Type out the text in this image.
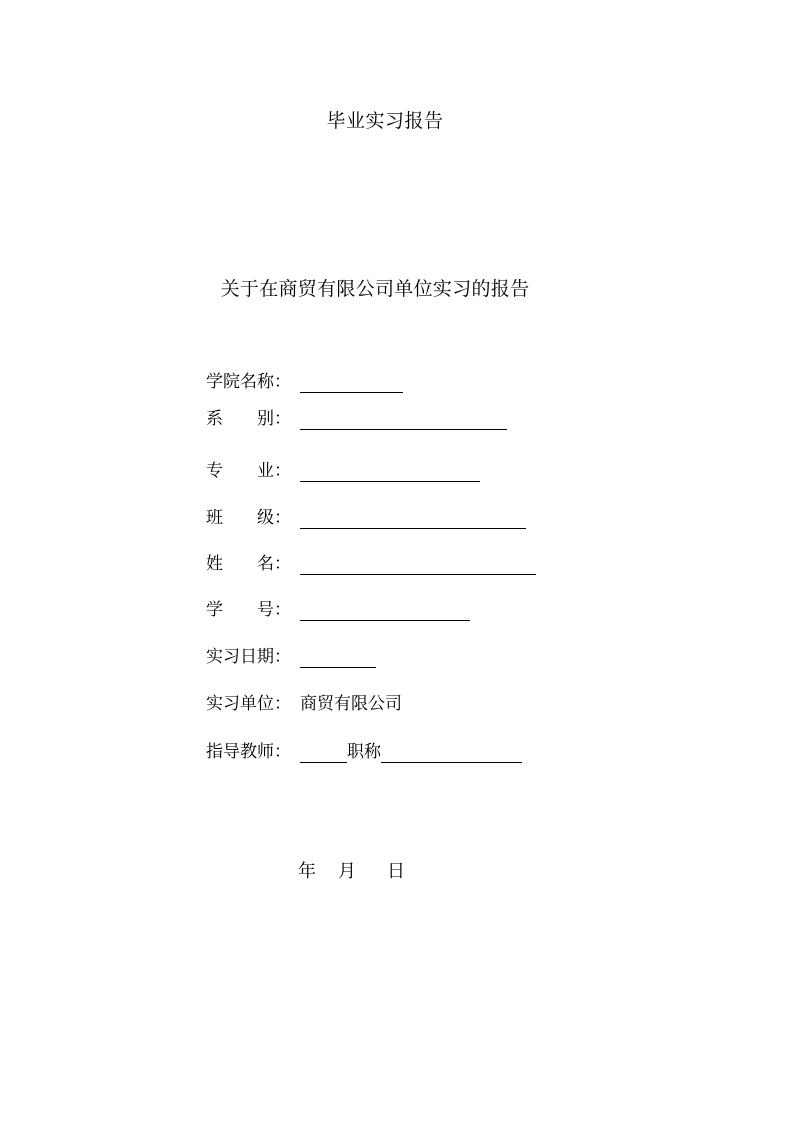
毕业实习报告
关于在商贸有限公司单位实习的报告
学院名称：
系　　别：
专　　业：
班　　级：
姓　　名：
学　　号：
实习日期：
实习单位： 商贸有限公司
指导教师：	职称
年 月 日
